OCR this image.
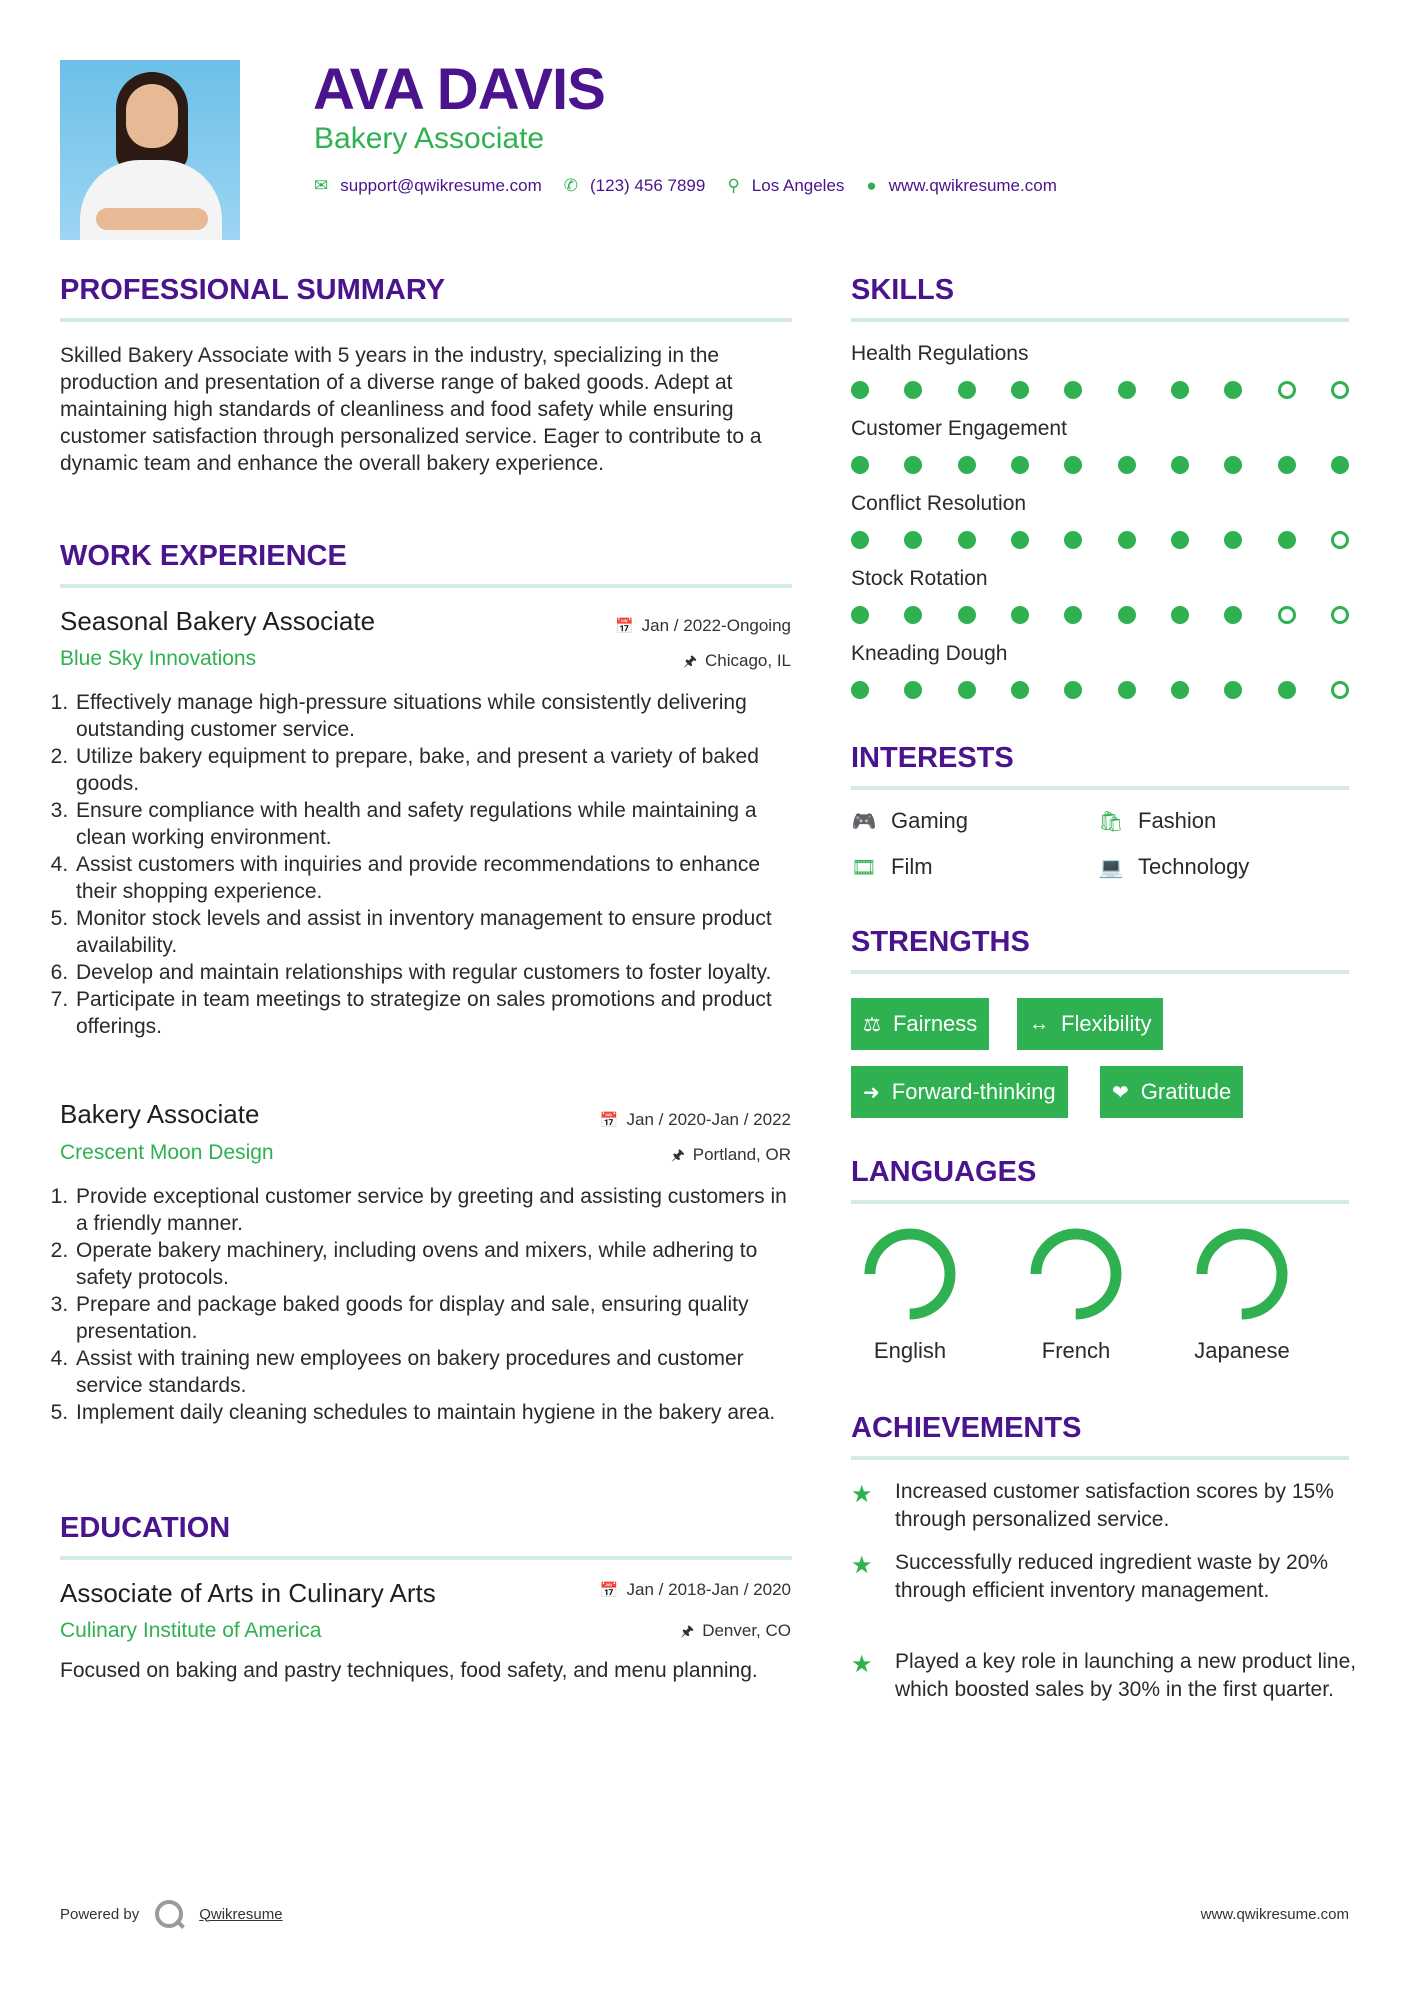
AVA DAVIS
Bakery Associate
✉ support@qwikresume.com ✆ (123) 456 7899 ⚲ Los Angeles ● www.qwikresume.com
PROFESSIONAL SUMMARY
Skilled Bakery Associate with 5 years in the industry, specializing in the production and presentation of a diverse range of baked goods. Adept at maintaining high standards of cleanliness and food safety while ensuring customer satisfaction through personalized service. Eager to contribute to a dynamic team and enhance the overall bakery experience.
WORK EXPERIENCE
Seasonal Bakery Associate	📅 Jan / 2022-Ongoing
Blue Sky Innovations	🖈 Chicago, IL
1. Effectively manage high-pressure situations while consistently delivering outstanding customer service.
2. Utilize bakery equipment to prepare, bake, and present a variety of baked goods.
3. Ensure compliance with health and safety regulations while maintaining a clean working environment.
4. Assist customers with inquiries and provide recommendations to enhance their shopping experience.
5. Monitor stock levels and assist in inventory management to ensure product availability.
6. Develop and maintain relationships with regular customers to foster loyalty.
7. Participate in team meetings to strategize on sales promotions and product offerings.
Bakery Associate	📅 Jan / 2020-Jan / 2022
Crescent Moon Design	🖈 Portland, OR
1. Provide exceptional customer service by greeting and assisting customers in a friendly manner.
2. Operate bakery machinery, including ovens and mixers, while adhering to safety protocols.
3. Prepare and package baked goods for display and sale, ensuring quality presentation.
4. Assist with training new employees on bakery procedures and customer service standards.
5. Implement daily cleaning schedules to maintain hygiene in the bakery area.
EDUCATION
Associate of Arts in Culinary Arts	📅 Jan / 2018-Jan / 2020
Culinary Institute of America	🖈 Denver, CO
Focused on baking and pastry techniques, food safety, and menu planning.
SKILLS
Health Regulations
Customer Engagement
Conflict Resolution
Stock Rotation
Kneading Dough
INTERESTS
🎮 Gaming	🛍 Fashion
🎞 Film	💻 Technology
STRENGTHS
⚖ Fairness	↔ Flexibility
➜ Forward-thinking	❤ Gratitude
LANGUAGES
English	French	Japanese
ACHIEVEMENTS
★	Increased customer satisfaction scores by 15% through personalized service.
★	Successfully reduced ingredient waste by 20% through efficient inventory management.
★	Played a key role in launching a new product line, which boosted sales by 30% in the first quarter.
Powered by	Qwikresume	www.qwikresume.com
